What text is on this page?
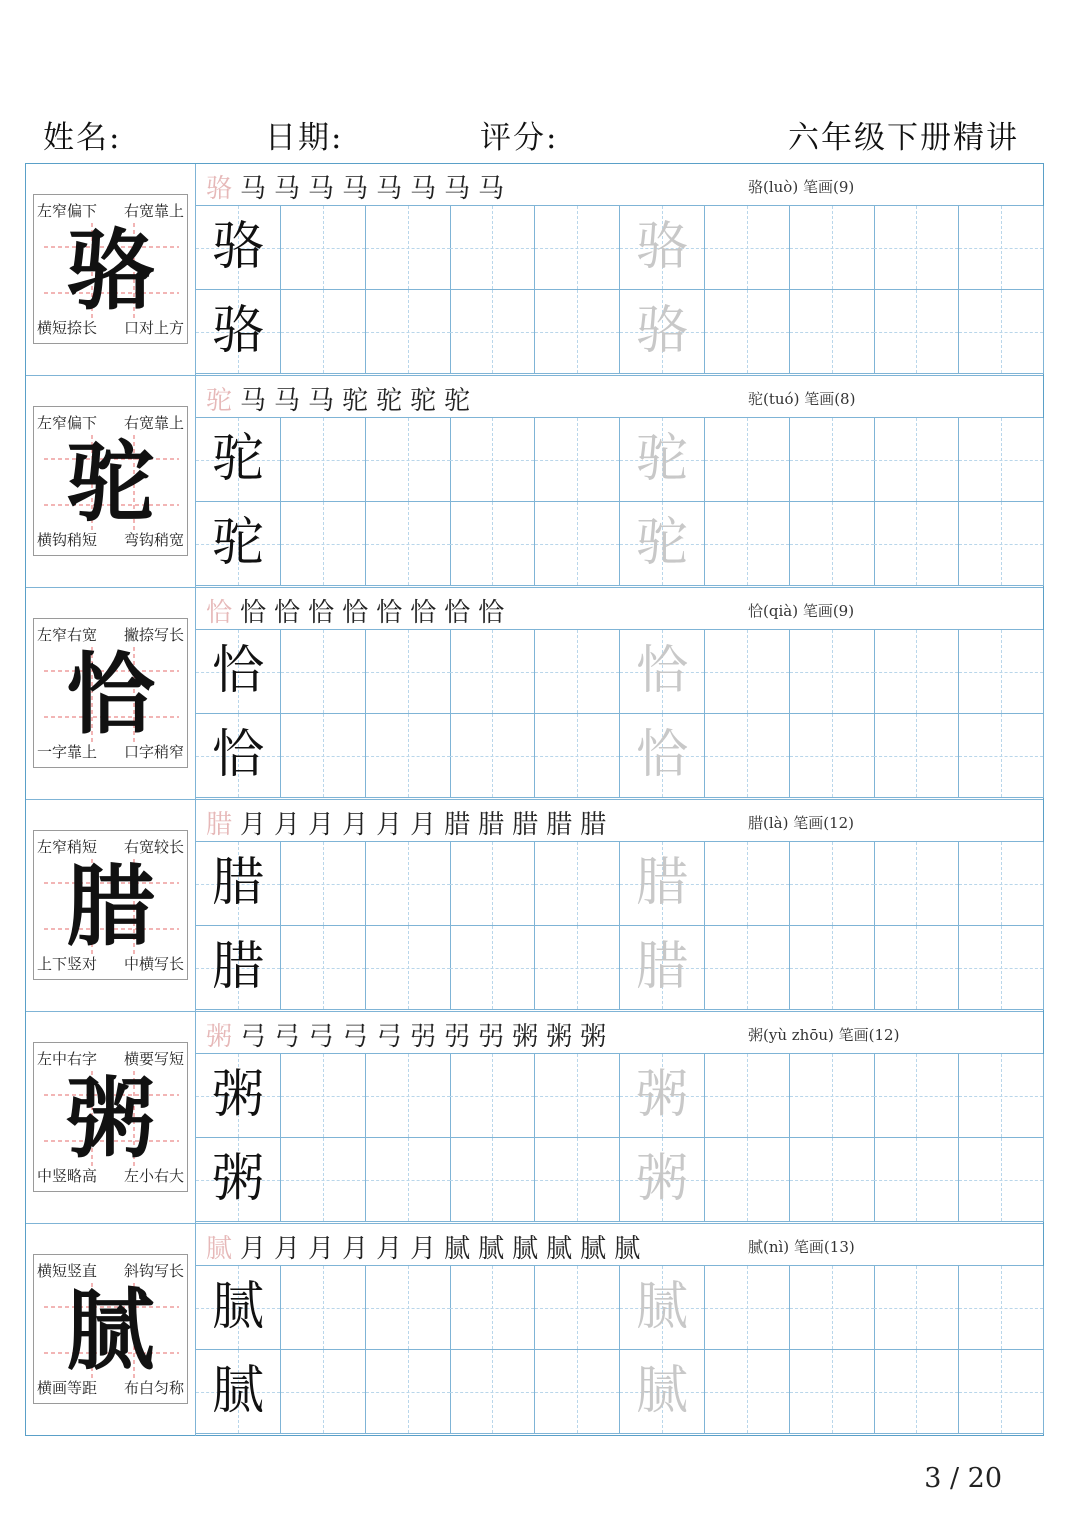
姓名:	日期:	评分:	六年级下册精讲
骆
左窄偏下 右宽靠上
横短捺长 口对上方
骆 马 马 马 马 马 马 马 马	骆(luò) 笔画(9)
骆	骆
骆	骆
驼
左窄偏下 右宽靠上
横钩稍短 弯钩稍宽
驼 马 马 马 驼 驼 驼 驼	驼(tuó) 笔画(8)
驼	驼
驼	驼
恰
左窄右宽 撇捺写长
一字靠上 口字稍窄
恰 恰 恰 恰 恰 恰 恰 恰 恰	恰(qià) 笔画(9)
恰	恰
恰	恰
腊
左窄稍短 右宽较长
上下竖对 中横写长
腊 月 月 月 月 月 月 腊 腊 腊 腊 腊	腊(là) 笔画(12)
腊	腊
腊	腊
粥
左中右字 横要写短
中竖略高 左小右大
粥 弓 弓 弓 弓 弓 弜 弜 弜 粥 粥 粥	粥(yù zhōu) 笔画(12)
粥	粥
粥	粥
腻
横短竖直 斜钩写长
横画等距 布白匀称
腻 月 月 月 月 月 月 腻 腻 腻 腻 腻 腻	腻(nì) 笔画(13)
腻	腻
腻	腻
3 / 20
